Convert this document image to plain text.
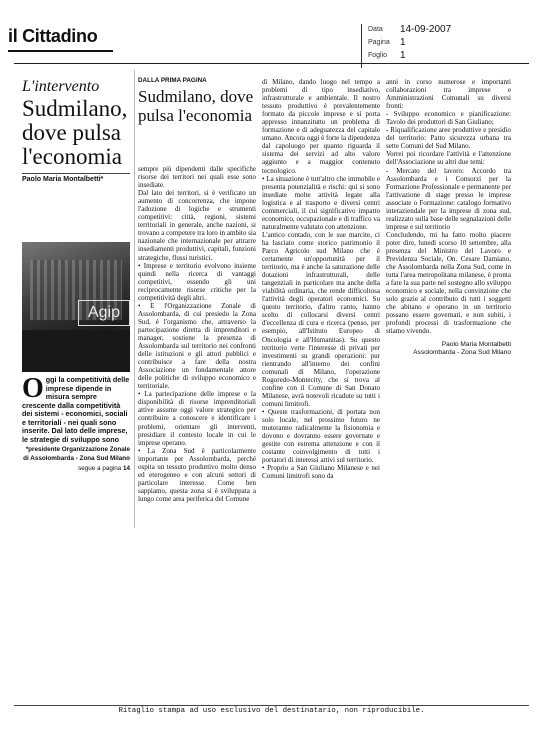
il Cittadino	Data 14-09-2007
Pagina 1
Foglio 1
L'intervento
Sudmilano, dove pulsa l'economia
Paolo Maria Montalbetti*
Agip
Oggi la competitività delle imprese dipende in misura sempre crescente dalla competitività dei sistemi - economici, sociali e territoriali - nei quali sono inserite. Dal lato delle imprese, le strategie di sviluppo sono
*presidente Organizzazione Zonale
di Assolombarda - Zona Sud Milano
segue a pagina 14
DALLA PRIMA PAGINA
Sudmilano, dove pulsa l'economia

sempre più dipendenti dalle specifiche risorse dei territori nei quali esse sono insediate.

Dal lato dei territori, si è verificato un aumento di concorrenza, che impone l'adozione di logiche e strumenti competitivi: città, regioni, sistemi territoriali in generale, anche nazioni, si trovano a competere tra loro in ambito sia nazionale che internazionale per attrarre insediamenti produttivi, capitali, funzioni strategiche, flussi turistici.

• Imprese e territorio evolvono insieme quindi nella ricerca di vantaggi competitivi, essendo gli uni reciprocamente risorse critiche per la competitività degli altri.

• E l'Organizzazione Zonale di Assolombarda, di cui presiedo la Zona Sud, è l'organismo che, attraverso la partecipazione diretta di imprenditori e manager, sostiene la presenza di Assolombarda sul territorio nei confronti delle istituzioni e gli attori pubblici e contribuisce a fare della nostra Associazione un fondamentale attore delle politiche di sviluppo economico e territoriale.

• La partecipazione delle imprese e la disponibilità di risorse imprenditoriali attive assume oggi valore strategico per contribuire a conoscere e identificare i problemi, orientare gli interventi, presidiare il contesto locale in cui le imprese operano.

• La Zona Sud è particolarmente importante per Assolombarda, perché ospita un tessuto produttivo molto denso ed eterogeneo e con alcuni settori di particolare interesse. Come ben sappiamo, questa zona si è sviluppata a lungo come area periferica del Comune

di Milano, dando luogo nel tempo a problemi di tipo insediativo, infrastrutturale e ambientale. Il nostro tessuto produttivo è prevalentemente formato da piccole imprese e si porta appresso innanzitutto un problema di formazione e di adeguatezza del capitale umano. Ancora oggi è forte la dipendenza dal capoluogo per quanto riguarda il sistema dei servizi ad alto valore aggiunto e a maggior contenuto tecnologico.

• La situazione è tutt'altro che immobile e presenta potenzialità e rischi: qui si sono insediate molte attività legate alla logistica e al trasporto e diversi centri commerciali, il cui significativo impatto economico, occupazionale e di traffico va naturalmente valutato con attenzione.

L'antico contado, con le sue marcite, ci ha lasciato come storico patrimonio il Parco Agricolo sud Milano che è certamente un'opportunità per il territorio, ma è anche la saturazione delle dotazioni infrastrutturali, delle tangenziali in particolare ma anche della viabilità ordinaria, che rende difficoltosa l'attività degli operatori economici. Su questo territorio, d'altro canto, hanno scelto di collocarsi diversi centri d'eccellenza di cura e ricerca (penso, per esempio, all'Istituto Europeo di Oncologia e all'Humanitas). Su questo territorio verte l'interesse di privati per investimenti su grandi operazioni: pur rientrando all'interno dei confini comunali di Milano, l'operazione Rogoredo-Montecity, che si trova al confine con il Comune di San Donato Milanese, avrà notevoli ricadute su tutti i comuni limitrofi.

• Queste trasformazioni, di portata non solo locale, nel prossimo futuro ne muteranno radicalmente la fisionomia e dovono e dovranno essere governate e gestite con estrema attenzione e con il costante coinvolgimento di tutti i portatori di interessi attivi sul territorio.

• Proprio a San Giuliano Milanese e nei Comuni limitrofi sono da

anni in corso numerose e importanti collaborazioni tra imprese e Amministrazioni Comunali su diversi fronti:

- Sviluppo economico e pianificazione: Tavolo dei produttori di San Giuliano;

- Riqualificazione aree produttive e presidio del territorio: Patto sicurezza urbana tra sette Comuni del Sud Milano.

Vorrei poi ricordare l'attività e l'attenzione dell'Associazione su altri due temi:

- Mercato del lavoro: Accordo tra Assolombarda e i Consorzi per la Formazione Professionale e permanente per l'attivazione di stage presso le imprese associate o Formazione: catalogo formativo interaziendale per la imprese di zona sud, realizzato sulla base delle segnalazioni delle imprese e sul territorio

Concludendo, mi ha fatto molto piacere poter dire, lunedì scorso 10 settembre, alla presenza del Ministro del Lavoro e Previdenza Sociale, On. Cesare Damiano, che Assolombarda nella Zona Sud, come in tutta l'area metropolitana milanese, è pronta a fare la sua parte nel sostegno allo sviluppo economico e sociale, nella convinzione che solo grazie al contributo di tutti i soggetti che abitano e operano in un territorio possano essere governati, e non subiti, i profondi processi di trasformazione che stiamo vivendo.

Paolo Maria Montalbetti
Assolombarda - Zona Sud Milano
Ritaglio stampa ad uso esclusivo del destinatario, non riproducibile.
